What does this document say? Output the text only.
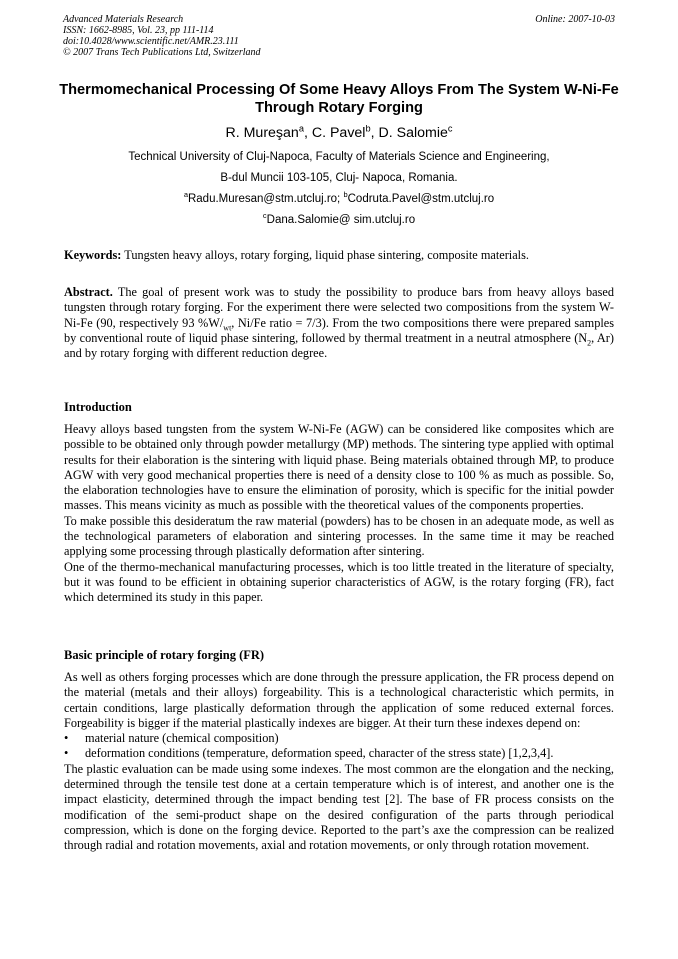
Advanced Materials Research
ISSN: 1662-8985, Vol. 23, pp 111-114
doi:10.4028/www.scientific.net/AMR.23.111
© 2007 Trans Tech Publications Ltd, Switzerland
Online: 2007-10-03
Thermomechanical Processing Of Some Heavy Alloys From The System W-Ni-Fe Through Rotary Forging
R. Mureşan$^a$, C. Pavel$^b$, D. Salomie$^c$
Technical University of Cluj-Napoca, Faculty of Materials Science and Engineering,
B-dul Muncii 103-105, Cluj- Napoca, Romania.
$^a$Radu.Muresan@stm.utcluj.ro; $^b$Codruta.Pavel@stm.utcluj.ro
$^c$Dana.Salomie@ sim.utcluj.ro

Keywords: Tungsten heavy alloys, rotary forging, liquid phase sintering, composite materials.

Abstract. The goal of present work was to study the possibility to produce bars from heavy alloys based tungsten through rotary forging. For the experiment there were selected two compositions from the system W-Ni-Fe (90, respectively 93 $\%W/_{wt}$, Ni/Fe ratio = 7/3). From the two compositions there were prepared samples by conventional route of liquid phase sintering, followed by thermal treatment in a neutral atmosphere ($N_2$, Ar) and by rotary forging with different reduction degree.

Introduction

Heavy alloys based tungsten from the system W-Ni-Fe (AGW) can be considered like composites which are possible to be obtained only through powder metallurgy (MP) methods. The sintering type applied with optimal results for their elaboration is the sintering with liquid phase. Being materials obtained through MP, to produce AGW with very good mechanical properties there is need of a density close to 100 % as much as possible. So, the elaboration technologies have to ensure the elimination of porosity, which is specific for the initial powder masses. This means vicinity as much as possible with the theoretical values of the components properties.

To make possible this desideratum the raw material (powders) has to be chosen in an adequate mode, as well as the technological parameters of elaboration and sintering processes. In the same time it may be reached applying some processing through plastically deformation after sintering.

One of the thermo-mechanical manufacturing processes, which is too little treated in the literature of specialty, but it was found to be efficient in obtaining superior characteristics of AGW, is the rotary forging (FR), fact which determined its study in this paper.

Basic principle of rotary forging (FR)

As well as others forging processes which are done through the pressure application, the FR process depend on the material (metals and their alloys) forgeability. This is a technological characteristic which permits, in certain conditions, large plastically deformation through the application of some reduced external forces. Forgeability is bigger if the material plastically indexes are bigger. At their turn these indexes depend on:

• material nature (chemical composition)
• deformation conditions (temperature, deformation speed, character of the stress state) [1,2,3,4].

The plastic evaluation can be made using some indexes. The most common are the elongation and the necking, determined through the tensile test done at a certain temperature which is of interest, and another one is the impact elasticity, determined through the impact bending test [2]. The base of FR process consists on the modification of the semi-product shape on the desired configuration of the parts through periodical compression, which is done on the forging device. Reported to the part’s axe the compression can be realized through radial and rotation movements, axial and rotation movements, or only through rotation movement.
